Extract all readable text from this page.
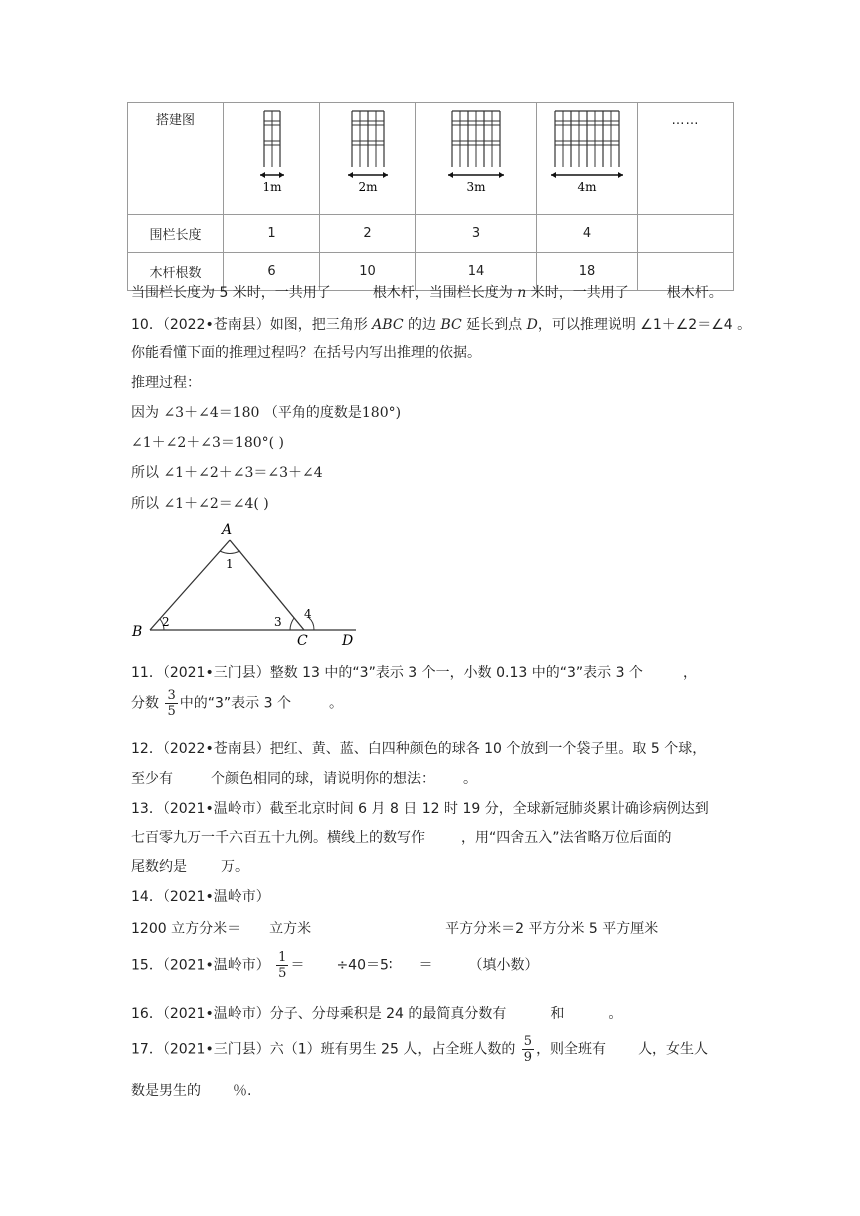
搭建图	1m	2m	3m	4m	……
围栏长度	1	2	3	4	
木杆根数	6	10	14	18	
当围栏长度为 5 米时，一共用了	根木杆，当围栏长度为 n 米时，一共用了	根木杆。
10．（2022•苍南县）如图，把三角形 ABC 的边 BC 延长到点 D，可以推理说明 ∠1＋∠2＝∠4 。
你能看懂下面的推理过程吗？在括号内写出推理的依据。
推理过程：
因为 ∠3＋∠4＝180 （平角的度数是180°)
∠1＋∠2＋∠3＝180°( )
所以 ∠1＋∠2＋∠3＝∠3＋∠4
所以 ∠1＋∠2＝∠4( )
A
1
B
2	3
4
C D
11．（2021•三门县）整数 13 中的“3”表示 3 个一，小数 0.13 中的“3”表示 3 个	，
分数 $\frac{3}{5}$ 中的“3”表示 3 个	。
12．（2022•苍南县）把红、黄、蓝、白四种颜色的球各 10 个放到一个袋子里。取 5 个球，
至少有	个颜色相同的球，请说明你的想法： 。
13．（2021•温岭市）截至北京时间 6 月 8 日 12 时 19 分，全球新冠肺炎累计确诊病例达到
七百零九万一千六百五十九例。横线上的数写作	，用“四舍五入”法省略万位后面的
尾数约是 万。
14．（2021•温岭市）
1200 立方分米＝ 立方米	平方分米＝2 平方分米 5 平方厘米
15．（2021•温岭市） $\frac{1}{5}$ ＝ ÷40＝5∶ ＝	（填小数）
16．（2021•温岭市）分子、分母乘积是 24 的最简真分数有	和	。
17．（2021•三门县）六（1）班有男生 25 人，占全班人数的 $\frac{5}{9}$ ，则全班有 人，女生人
数是男生的 ％.
